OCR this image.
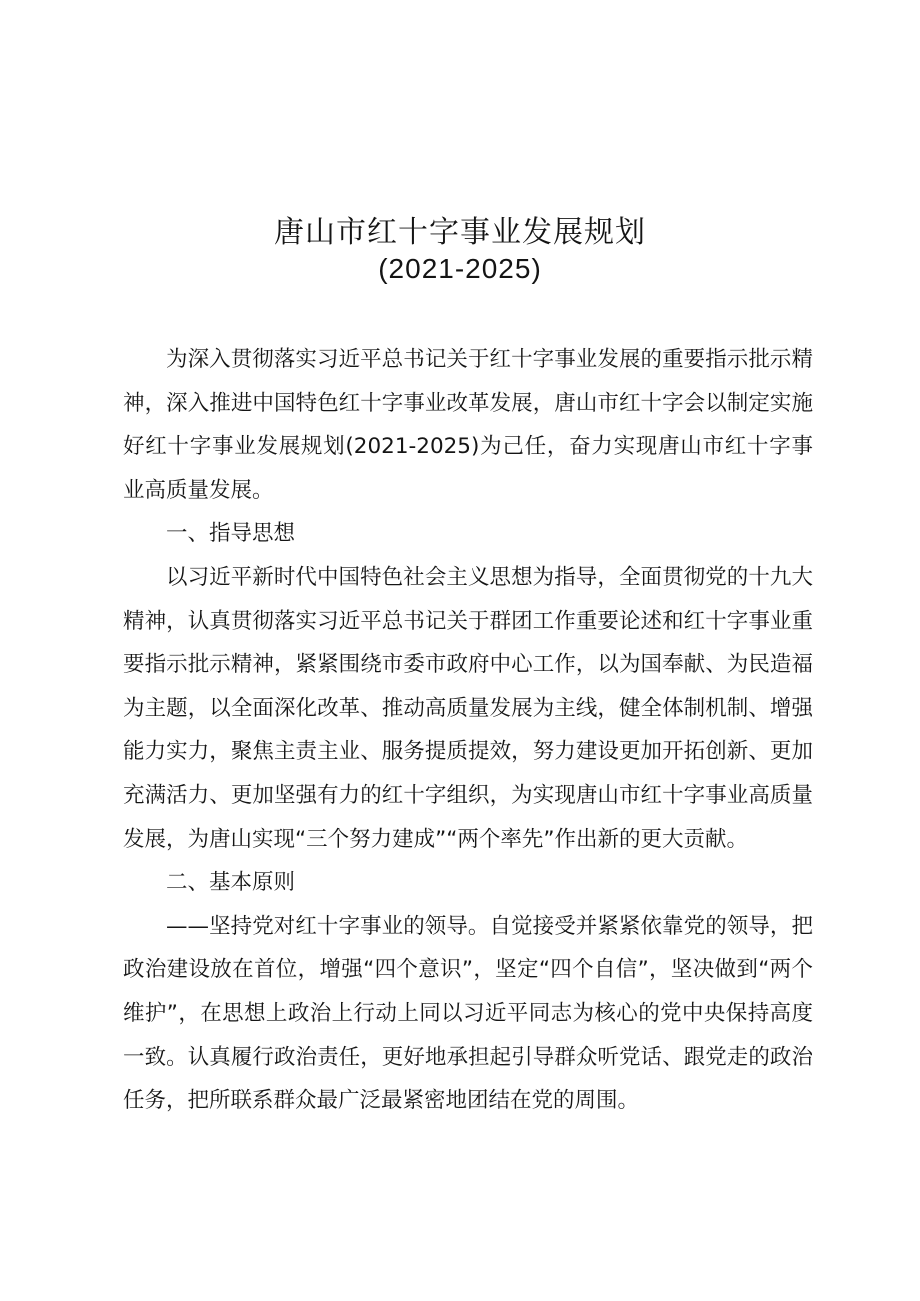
唐山市红十字事业发展规划
(2021-2025)

为深入贯彻落实习近平总书记关于红十字事业发展的重要指示批示精神，深入推进中国特色红十字事业改革发展，唐山市红十字会以制定实施好红十字事业发展规划(2021-2025)为己任，奋力实现唐山市红十字事业高质量发展。

一、指导思想

以习近平新时代中国特色社会主义思想为指导，全面贯彻党的十九大精神，认真贯彻落实习近平总书记关于群团工作重要论述和红十字事业重要指示批示精神，紧紧围绕市委市政府中心工作，以为国奉献、为民造福为主题，以全面深化改革、推动高质量发展为主线，健全体制机制、增强能力实力，聚焦主责主业、服务提质提效，努力建设更加开拓创新、更加充满活力、更加坚强有力的红十字组织，为实现唐山市红十字事业高质量发展，为唐山实现“三个努力建成”“两个率先”作出新的更大贡献。

二、基本原则

——坚持党对红十字事业的领导。自觉接受并紧紧依靠党的领导，把政治建设放在首位，增强“四个意识”，坚定“四个自信”，坚决做到“两个维护”，在思想上政治上行动上同以习近平同志为核心的党中央保持高度一致。认真履行政治责任，更好地承担起引导群众听党话、跟党走的政治任务，把所联系群众最广泛最紧密地团结在党的周围。
